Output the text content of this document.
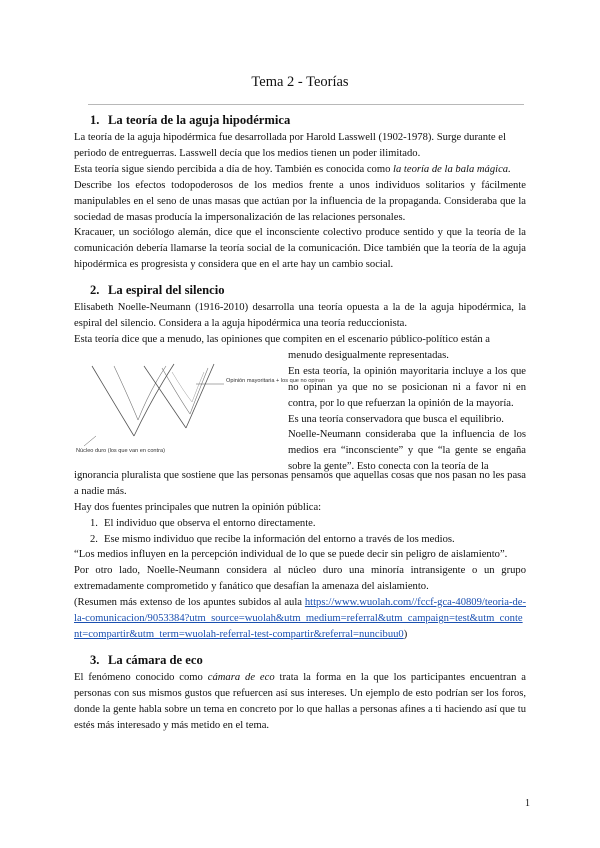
Tema 2 - Teorías
1. La teoría de la aguja hipodérmica

La teoría de la aguja hipodérmica fue desarrollada por Harold Lasswell (1902-1978). Surge durante el periodo de entreguerras. Lasswell decía que los medios tienen un poder ilimitado.

Esta teoría sigue siendo percibida a día de hoy. También es conocida como la teoría de la bala mágica.

Describe los efectos todopoderosos de los medios frente a unos individuos solitarios y fácilmente manipulables en el seno de unas masas que actúan por la influencia de la propaganda. Consideraba que la sociedad de masas producía la impersonalización de las relaciones personales.

Kracauer, un sociólogo alemán, dice que el inconsciente colectivo produce sentido y que la teoría de la comunicación debería llamarse la teoría social de la comunicación. Dice también que la teoría de la aguja hipodérmica es progresista y considera que en el arte hay un cambio social.

2. La espiral del silencio

Elisabeth Noelle-Neumann (1916-2010) desarrolla una teoría opuesta a la de la aguja hipodérmica, la espiral del silencio. Considera a la aguja hipodérmica una teoría reduccionista.

Esta teoría dice que a menudo, las opiniones que compiten en el escenario público-político están a

Opinión mayoritaria + los que no opinan
Núcleo duro (los que van en contra)

menudo desigualmente representadas.

En esta teoría, la opinión mayoritaria incluye a los que no opinan ya que no se posicionan ni a favor ni en contra, por lo que refuerzan la opinión de la mayoría.

Es una teoría conservadora que busca el equilibrio.

Noelle-Neumann consideraba que la influencia de los medios era “inconsciente” y que “la gente se engaña sobre la gente”. Esto conecta con la teoría de la

ignorancia pluralista que sostiene que las personas pensamos que aquellas cosas que nos pasan no les pasa a nadie más.

Hay dos fuentes principales que nutren la opinión pública:

1. El individuo que observa el entorno directamente.
2. Ese mismo individuo que recibe la información del entorno a través de los medios.

“Los medios influyen en la percepción individual de lo que se puede decir sin peligro de aislamiento”.

Por otro lado, Noelle-Neumann considera al núcleo duro una minoría intransigente o un grupo extremadamente comprometido y fanático que desafían la amenaza del aislamiento.

(Resumen más extenso de los apuntes subidos al aula https://www.wuolah.com//fccf-gca-40809/teoria-de-la-comunicacion/9053384?utm_source=wuolah&utm_medium=referral&utm_campaign=test&utm_content=compartir&utm_term=wuolah-referral-test-compartir&referral=nuncibuu0)

3. La cámara de eco

El fenómeno conocido como cámara de eco trata la forma en la que los participantes encuentran a personas con sus mismos gustos que refuercen así sus intereses. Un ejemplo de esto podrían ser los foros, donde la gente habla sobre un tema en concreto por lo que hallas a personas afines a ti haciendo así que tu estés más interesado y más metido en el tema.

1
